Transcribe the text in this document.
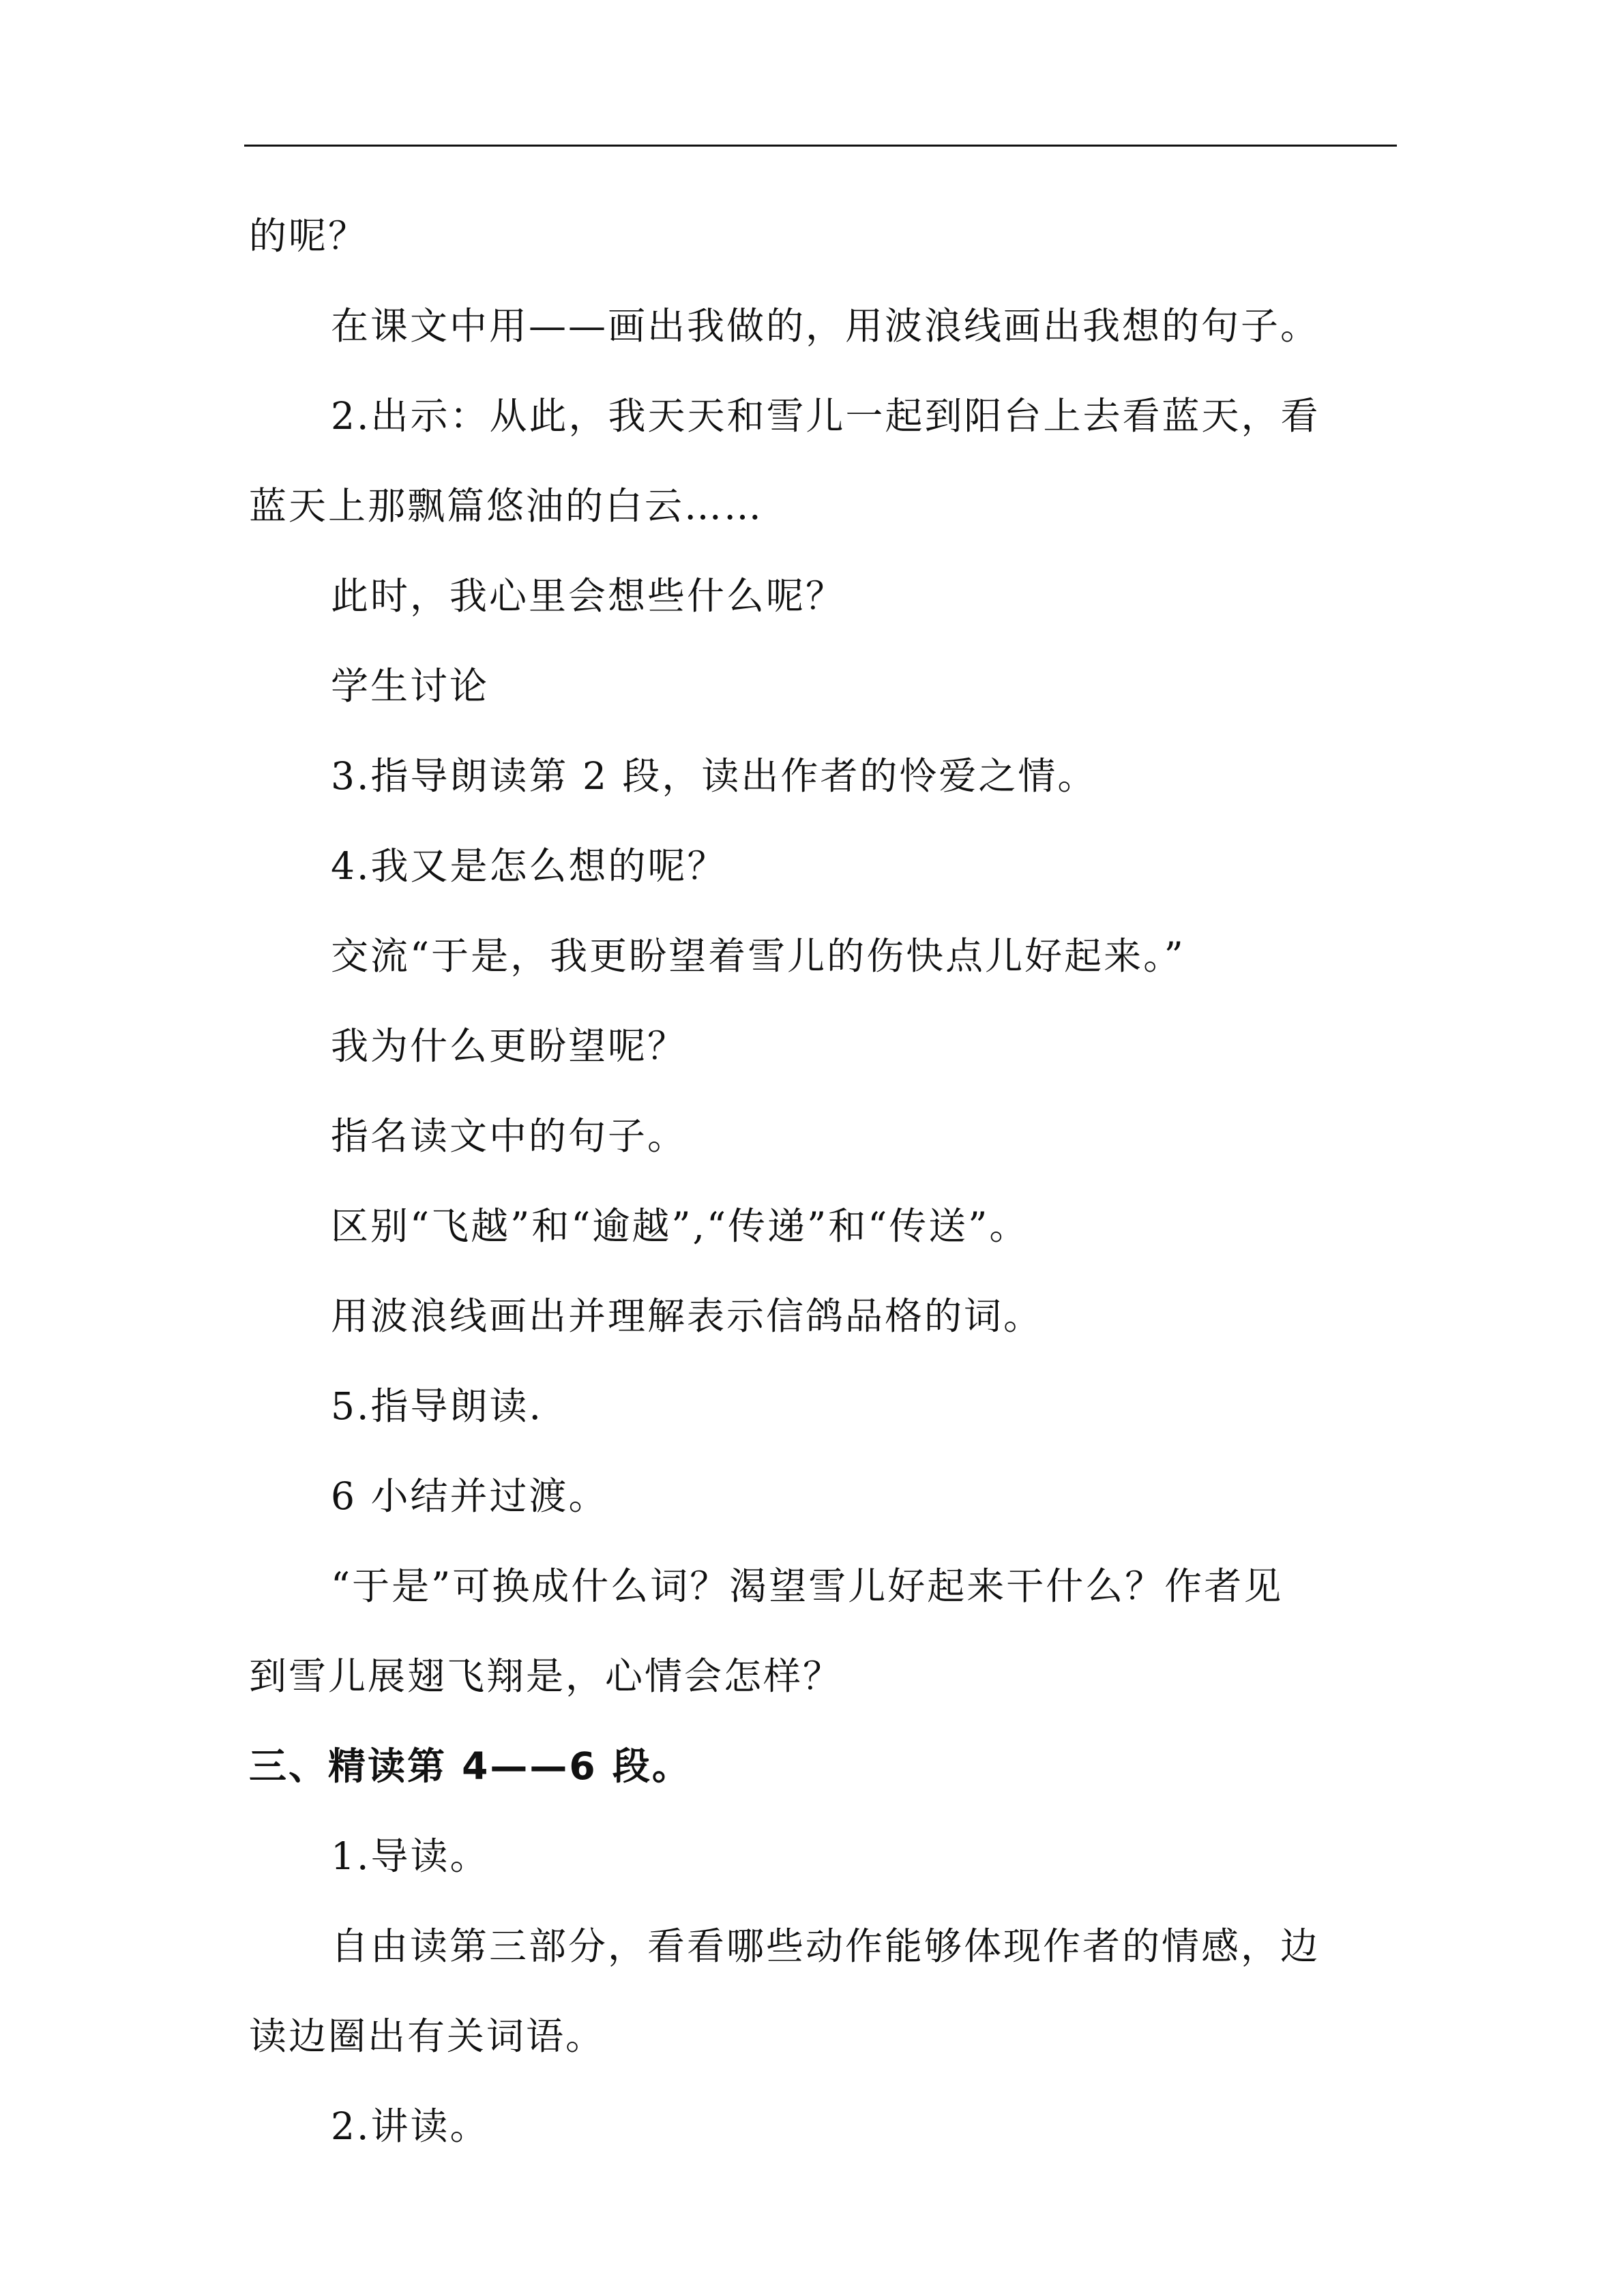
的呢？
在课文中用——画出我做的，用波浪线画出我想的句子。
2.出示：从此，我天天和雪儿一起到阳台上去看蓝天，看
蓝天上那飘篇悠油的白云……
此时，我心里会想些什么呢？
学生讨论
3.指导朗读第 2 段，读出作者的怜爱之情。
4.我又是怎么想的呢？
交流“于是，我更盼望着雪儿的伤快点儿好起来。”
我为什么更盼望呢？
指名读文中的句子。
区别“飞越”和“逾越”,“传递”和“传送”。
用波浪线画出并理解表示信鸽品格的词。
5.指导朗读.
6 小结并过渡。
“于是”可换成什么词？渴望雪儿好起来干什么？作者见
到雪儿展翅飞翔是，心情会怎样？
三、精读第 4——6 段。
1.导读。
自由读第三部分，看看哪些动作能够体现作者的情感，边
读边圈出有关词语。
2.讲读。
